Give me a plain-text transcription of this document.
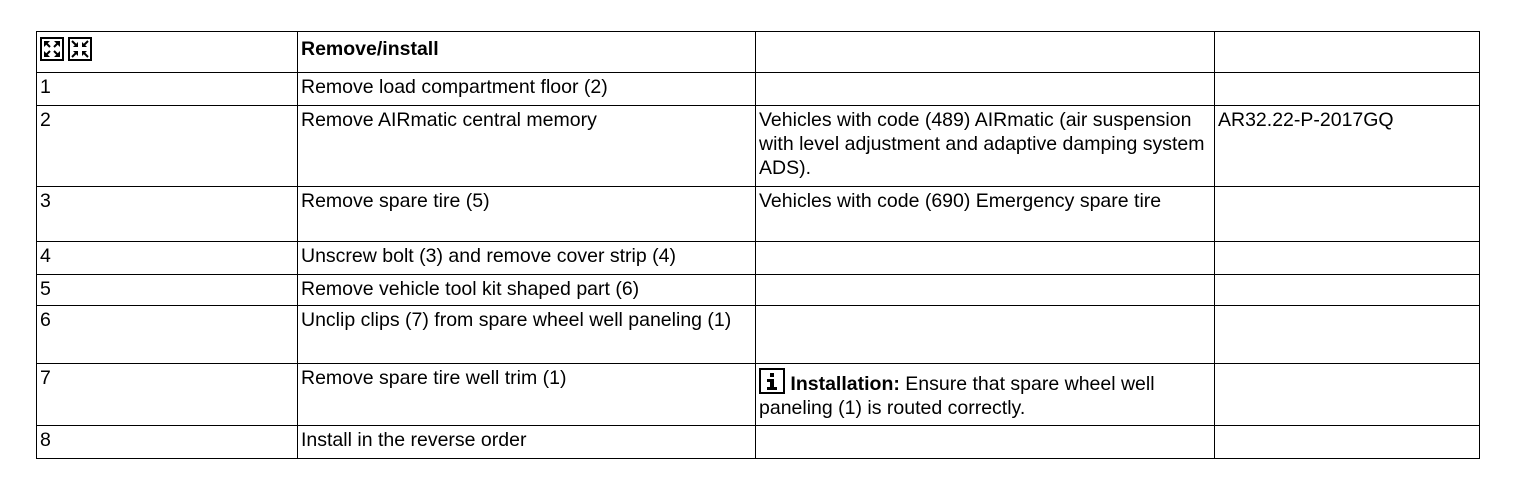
	Remove/install		
1	Remove load compartment floor (2)		
2	Remove AIRmatic central memory	Vehicles with code (489) AIRmatic (air suspension with level adjustment and adaptive damping system ADS).	AR32.22-P-2017GQ
3	Remove spare tire (5)	Vehicles with code (690) Emergency spare tire	
4	Unscrew bolt (3) and remove cover strip (4)		
5	Remove vehicle tool kit shaped part (6)		
6	Unclip clips (7) from spare wheel well paneling (1)		
7	Remove spare tire well trim (1)	Installation: Ensure that spare wheel well paneling (1) is routed correctly.	
8	Install in the reverse order		
